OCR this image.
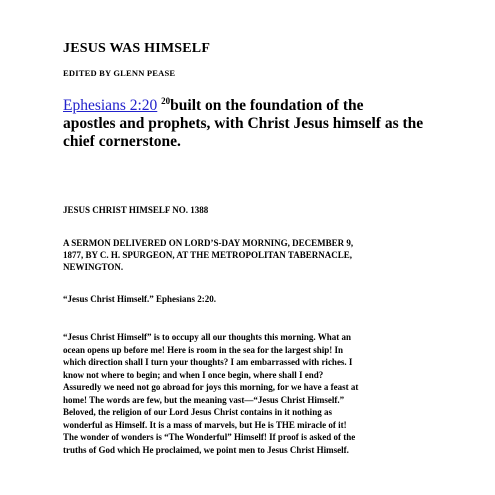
JESUS WAS HIMSELF
EDITED BY GLENN PEASE
Ephesians 2:20 $^{20}$built on the foundation of the
apostles and prophets, with Christ Jesus himself as the
chief cornerstone.
JESUS CHRIST HIMSELF NO. 1388
A SERMON DELIVERED ON LORD’S-DAY MORNING, DECEMBER 9,
1877, BY C. H. SPURGEON, AT THE METROPOLITAN TABERNACLE,
NEWINGTON.
“Jesus Christ Himself.” Ephesians 2:20.
“Jesus Christ Himself” is to occupy all our thoughts this morning. What an
ocean opens up before me! Here is room in the sea for the largest ship! In
which direction shall I turn your thoughts? I am embarrassed with riches. I
know not where to begin; and when I once begin, where shall I end?
Assuredly we need not go abroad for joys this morning, for we have a feast at
home! The words are few, but the meaning vast—“Jesus Christ Himself.”
Beloved, the religion of our Lord Jesus Christ contains in it nothing as
wonderful as Himself. It is a mass of marvels, but He is THE miracle of it!
The wonder of wonders is “The Wonderful” Himself! If proof is asked of the
truths of God which He proclaimed, we point men to Jesus Christ Himself.
